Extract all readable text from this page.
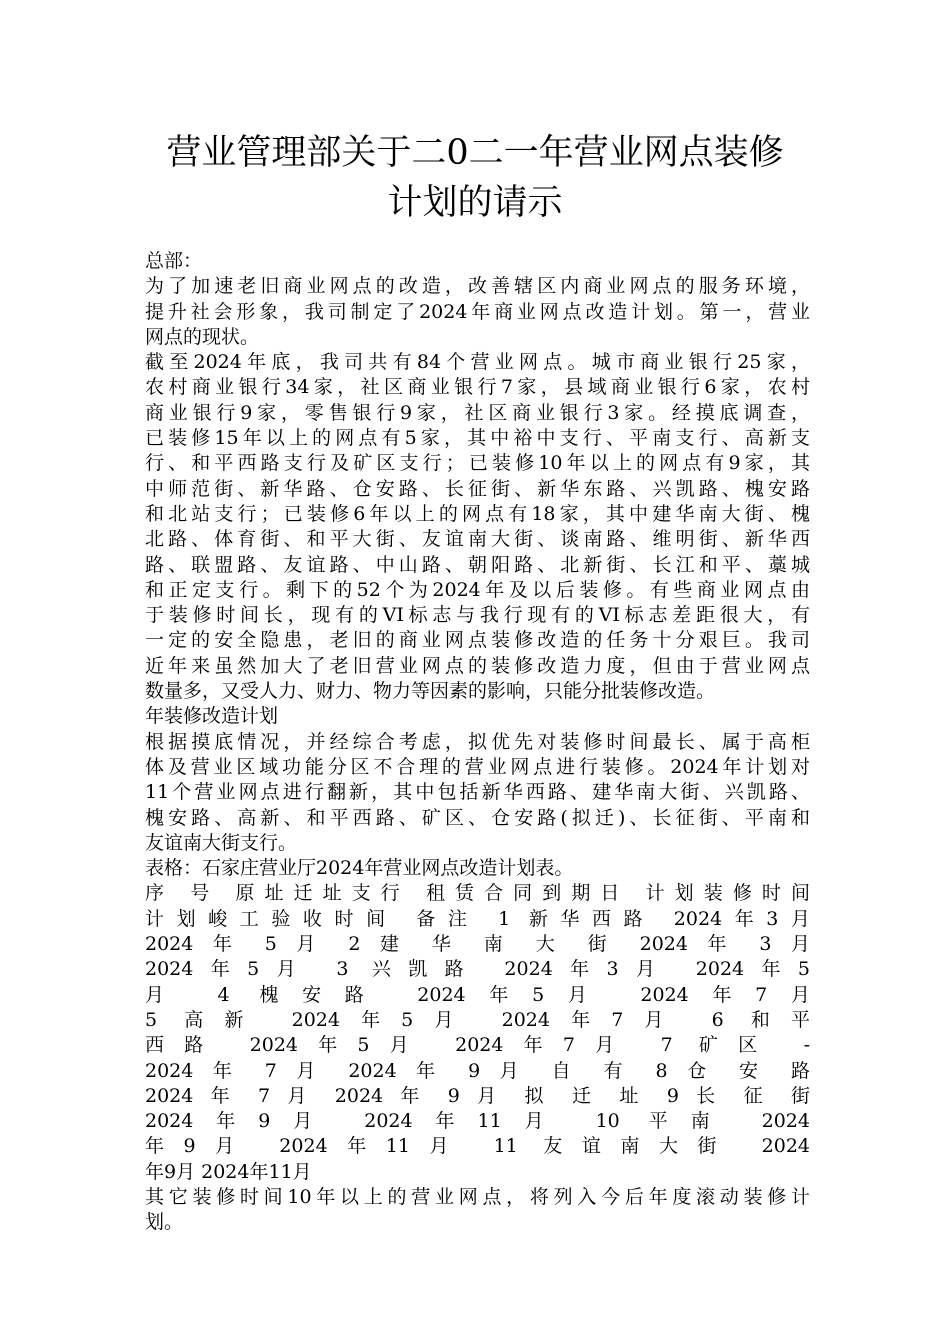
营业管理部关于二0二一年营业网点装修
计划的请示
总部：
为了加速老旧商业网点的改造，改善辖区内商业网点的服务环境，
提升社会形象，我司制定了2024年商业网点改造计划。第一，营业
网点的现状。
截至2024年底，我司共有84个营业网点。城市商业银行25家，
农村商业银行34家，社区商业银行7家，县域商业银行6家，农村
商业银行9家，零售银行9家，社区商业银行3家。经摸底调查，
已装修15年以上的网点有5家，其中裕中支行、平南支行、高新支
行、和平西路支行及矿区支行；已装修10年以上的网点有9家，其
中师范街、新华路、仓安路、长征街、新华东路、兴凯路、槐安路
和北站支行；已装修6年以上的网点有18家，其中建华南大街、槐
北路、体育街、和平大街、友谊南大街、谈南路、维明街、新华西
路、联盟路、友谊路、中山路、朝阳路、北新街、长江和平、藁城
和正定支行。剩下的52个为2024年及以后装修。有些商业网点由
于装修时间长，现有的VI标志与我行现有的VI标志差距很大，有
一定的安全隐患，老旧的商业网点装修改造的任务十分艰巨。我司
近年来虽然加大了老旧营业网点的装修改造力度，但由于营业网点
数量多，又受人力、财力、物力等因素的影响，只能分批装修改造。
年装修改造计划
根据摸底情况，并经综合考虑，拟优先对装修时间最长、属于高柜
体及营业区域功能分区不合理的营业网点进行装修。2024年计划对
11个营业网点进行翻新，其中包括新华西路、建华南大街、兴凯路、
槐安路、高新、和平西路、矿区、仓安路(拟迁)、长征街、平南和
友谊南大街支行。
表格：石家庄营业厅2024年营业网点改造计划表。
序 号 原址迁址支行 租赁合同到期日 计划装修时间
计划峻工验收时间 备注 1 新华西路 2024年3月
2024 年 5 月 2 建 华 南 大 街 2024 年 3 月
2024年5月 3 兴凯路 2024年3月 2024年5
月 4 槐安路 2024年5月 2024年7月
5 高新 2024年5月 2024年7月 6 和平
西路 2024年5月 2024年7月 7 矿区 -
2024 年 7 月 2024 年 9 月 自 有 8 仓 安 路
2024 年 7 月 2024 年 9 月 拟 迁 址 9 长 征 街
2024年9月 2024年11月 10 平南 2024
年9月 2024年11月 11 友谊南大街 2024
年9月 2024年11月
其它装修时间10年以上的营业网点，将列入今后年度滚动装修计
划。
